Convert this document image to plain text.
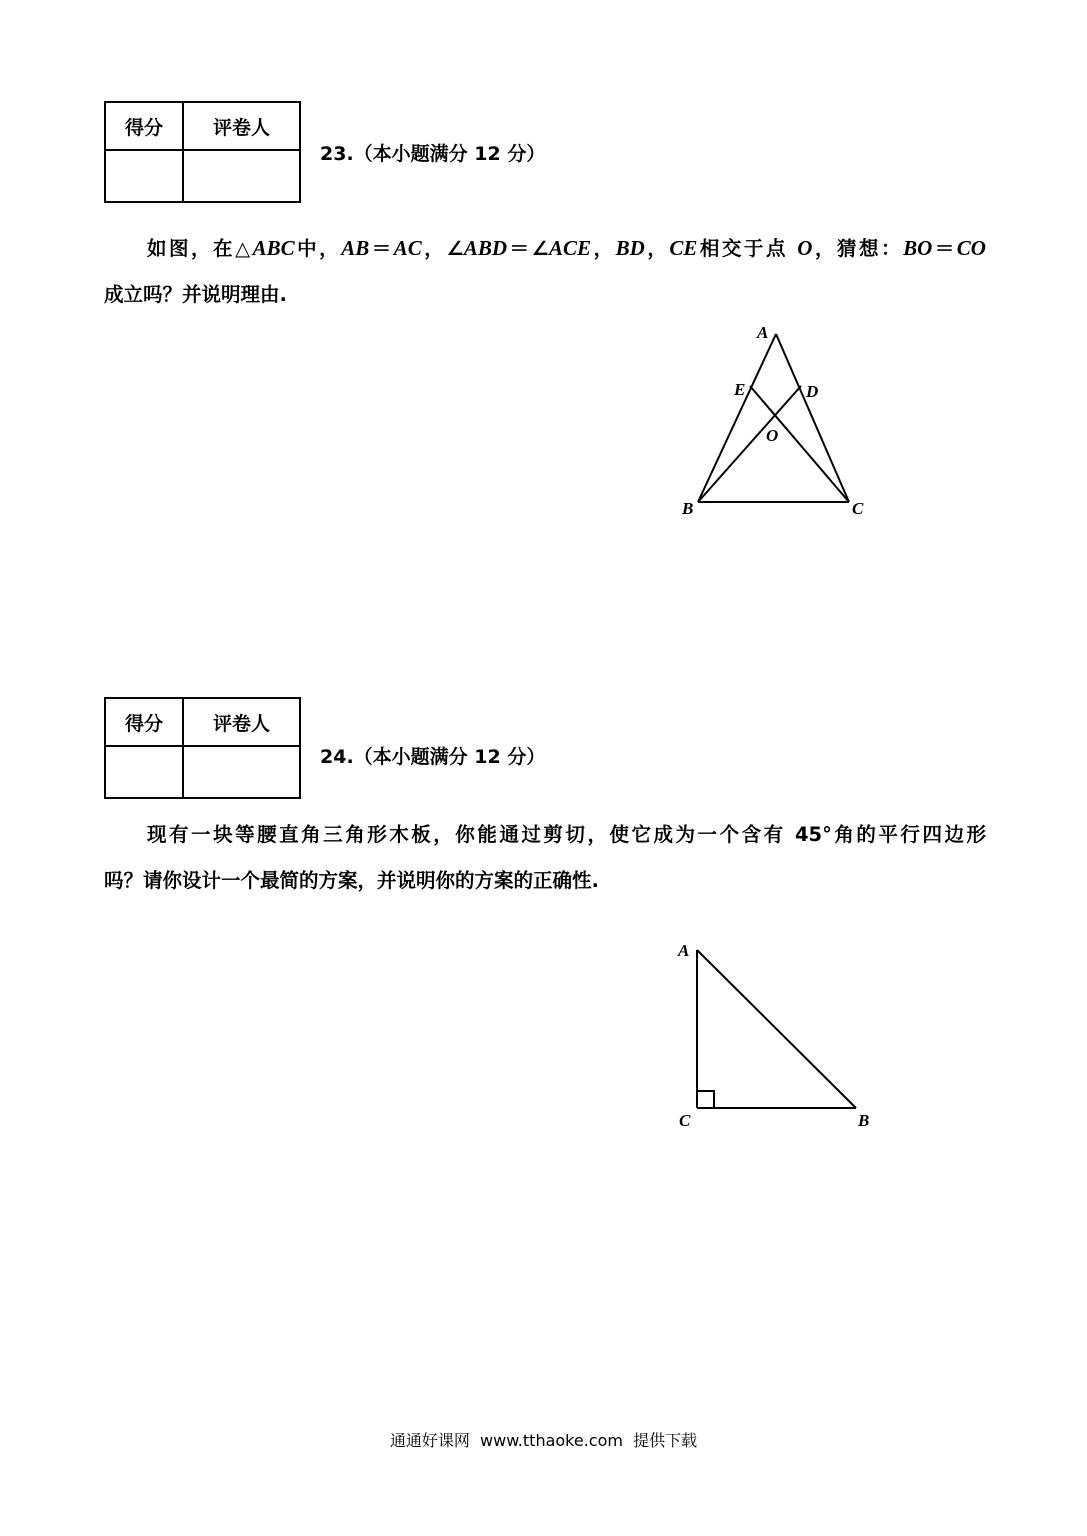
得分	评卷人

23.（本小题满分 12 分）

如图，在△ABC中，AB＝AC，∠ABD＝∠ACE，BD，CE相交于点 O，猜想：BO＝CO

成立吗？并说明理由.

得分	评卷人

24.（本小题满分 12 分）

现有一块等腰直角三角形木板，你能通过剪切，使它成为一个含有 45°角的平行四边形

吗？请你设计一个最简的方案，并说明你的方案的正确性.

A
E	D
O
B	C
A
C	B
通通好课网  www.tthaoke.com  提供下载
